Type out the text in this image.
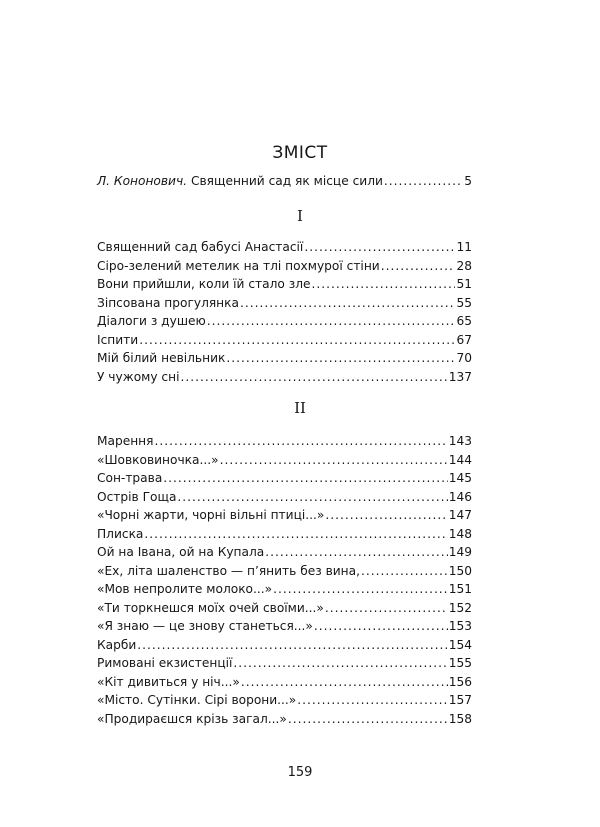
ЗМІСТ
Л. Кононович. Священний сад як місце сили .....	5
I
Священний сад бабусі Анастасії .....	11
Сіро-зелений метелик на тлі похмурої стіни .....	28
Вони прийшли, коли їй стало зле .....	51
Зіпсована прогулянка .....	55
Діалоги з душею .....	65
Іспити .....	67
Мій білий невільник .....	70
У чужому сні .....	137
II
Марення .....	143
«Шовковиночка...» .....	144
Сон-трава .....	145
Острів Гоща .....	146
«Чорні жарти, чорні вільні птиці...» .....	147
Плиска .....	148
Ой на Івана, ой на Купала .....	149
«Ех, літа шаленство — п’янить без вина, .....	150
«Мов непролите молоко...» .....	151
«Ти торкнешся моїх очей своїми...» .....	152
«Я знаю — це знову станеться...» .....	153
Карби .....	154
Римовані екзистенції .....	155
«Кіт дивиться у ніч...» .....	156
«Місто. Сутінки. Сірі ворони...» .....	157
«Продираєшся крізь загал...» .....	158
159
